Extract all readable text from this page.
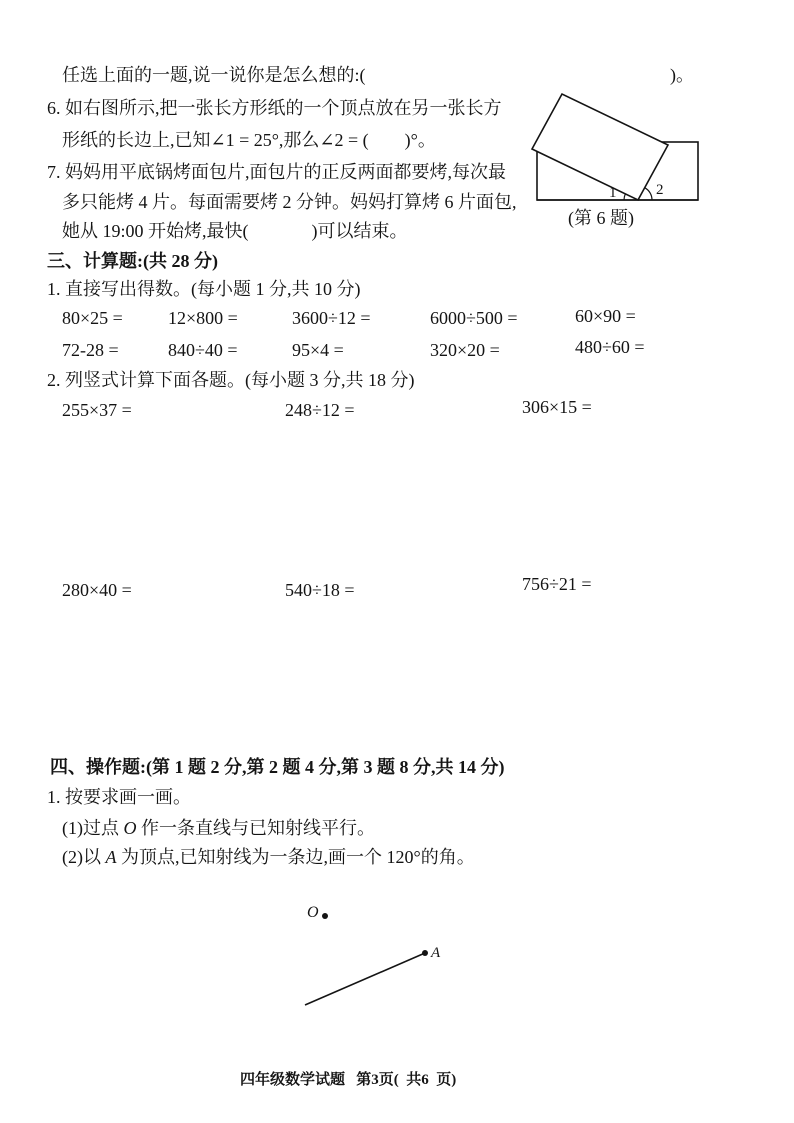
任选上面的一题,说一说你是怎么想的:(	)。
6. 如右图所示,把一张长方形纸的一个顶点放在另一张长方
形纸的长边上,已知∠1 = 25°,那么∠2 = (        )°。
7. 妈妈用平底锅烤面包片,面包片的正反两面都要烤,每次最
多只能烤 4 片。每面需要烤 2 分钟。妈妈打算烤 6 片面包,
她从 19:00 开始烤,最快(              )可以结束。
1	2
(第 6 题)
三、计算题:(共 28 分)
1. 直接写出得数。(每小题 1 分,共 10 分)
80×25 =	12×800 =	3600÷12 =	6000÷500 =	60×90 =
72-28 =	840÷40 =	95×4 =	320×20 =	480÷60 =
2. 列竖式计算下面各题。(每小题 3 分,共 18 分)
255×37 =	248÷12 =	306×15 =
280×40 =	540÷18 =	756÷21 =
四、操作题:(第 1 题 2 分,第 2 题 4 分,第 3 题 8 分,共 14 分)
1. 按要求画一画。
(1)过点 O 作一条直线与已知射线平行。
(2)以 A 为顶点,已知射线为一条边,画一个 120°的角。
O
A
四年级数学试题   第3页(  共6  页)
